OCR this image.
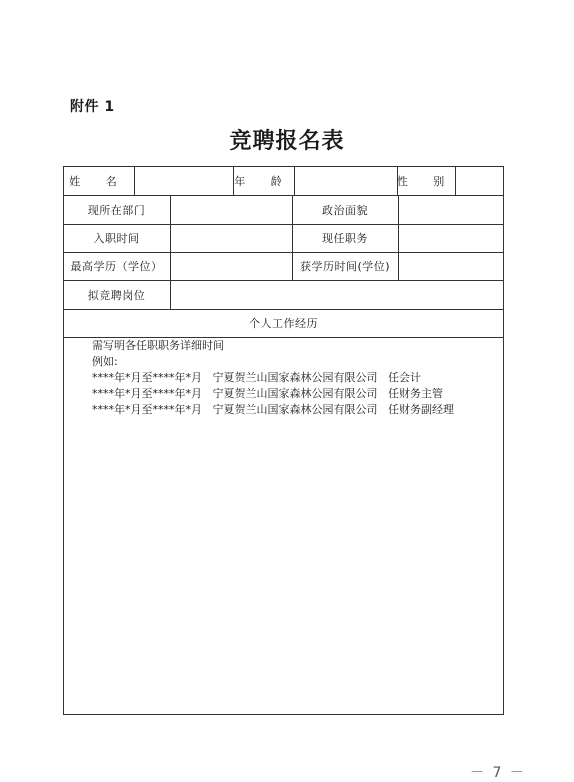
附件 1
竞聘报名表
姓 名	年 龄	性 别
现所在部门	政治面貌
入职时间	现任职务
最高学历（学位）	获学历时间(学位)
拟竞聘岗位
个人工作经历
需写明各任职职务详细时间
例如:
****年*月至****年*月   宁夏贺兰山国家森林公园有限公司   任会计
****年*月至****年*月   宁夏贺兰山国家森林公园有限公司   任财务主管
****年*月至****年*月   宁夏贺兰山国家森林公园有限公司   任财务副经理
－ 7 －
